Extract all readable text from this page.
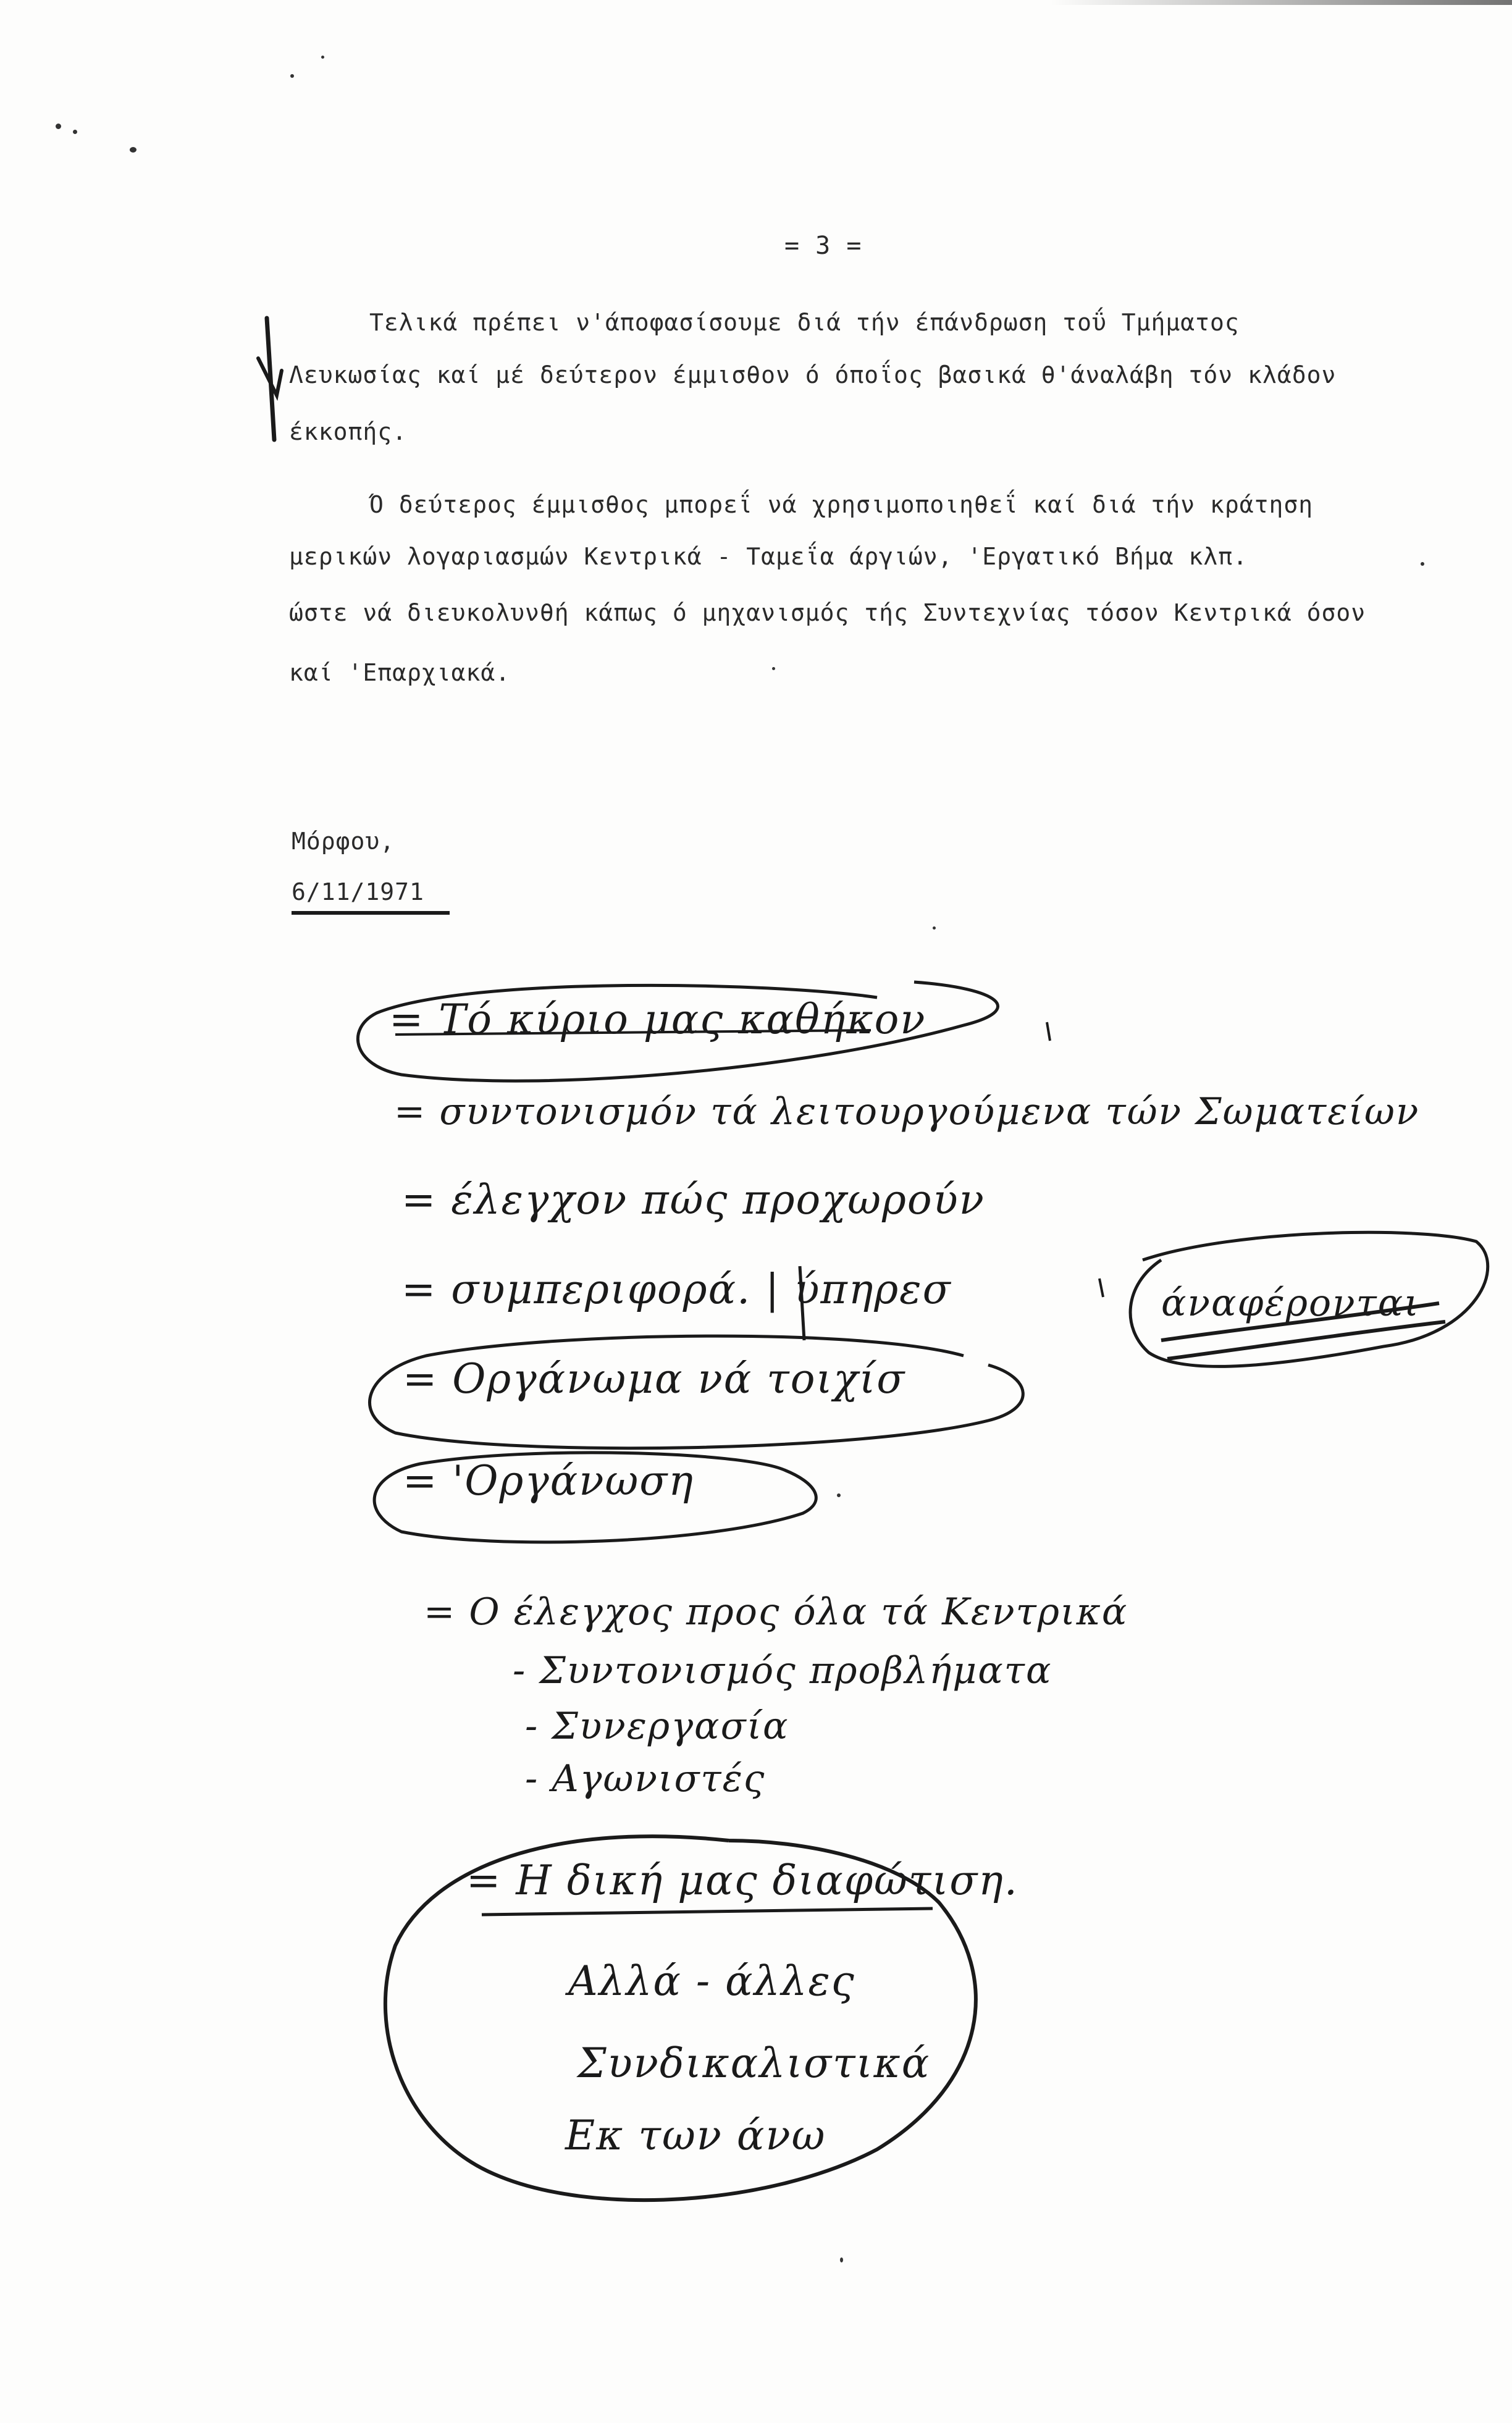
= 3 =
Τελικά πρέπει ν'άποφασίσουμε διά τήν έπάνδρωση τοΰ Τμήματος
Λευκωσίας καί μέ δεύτερον έμμισθον ό όποΐος βασικά θ'άναλάβη τόν κλάδον
έκκοπής.
Ό δεύτερος έμμισθος μπορεΐ νά χρησιμοποιηθεΐ καί διά τήν κράτηση
μερικών λογαριασμών Κεντρικά - Ταμεΐα άργιών, 'Εργατικό Βήμα κλπ.
ώστε νά διευκολυνθή κάπως ό μηχανισμός τής Συντεχνίας τόσον Κεντρικά όσον
καί 'Επαρχιακά.
Μόρφου,
6/11/1971
= Τό κύριο μας καθήκον
= συντονισμόν τά λειτουργούμενα τών Σωματείων
= έλεγχον πώς προχωρούν
= συμπεριφορά. | ύπηρεσ
= Οργάνωμα νά τοιχίσ
= 'Οργάνωση
= Ο έλεγχος προς όλα τά Κεντρικά
- Συντονισμός προβλήματα
- Συνεργασία
- Αγωνιστές
= Η δική μας διαφώτιση.
Αλλά - άλλες
Συνδικαλιστικά
Εκ των άνω
άναφέρονται
